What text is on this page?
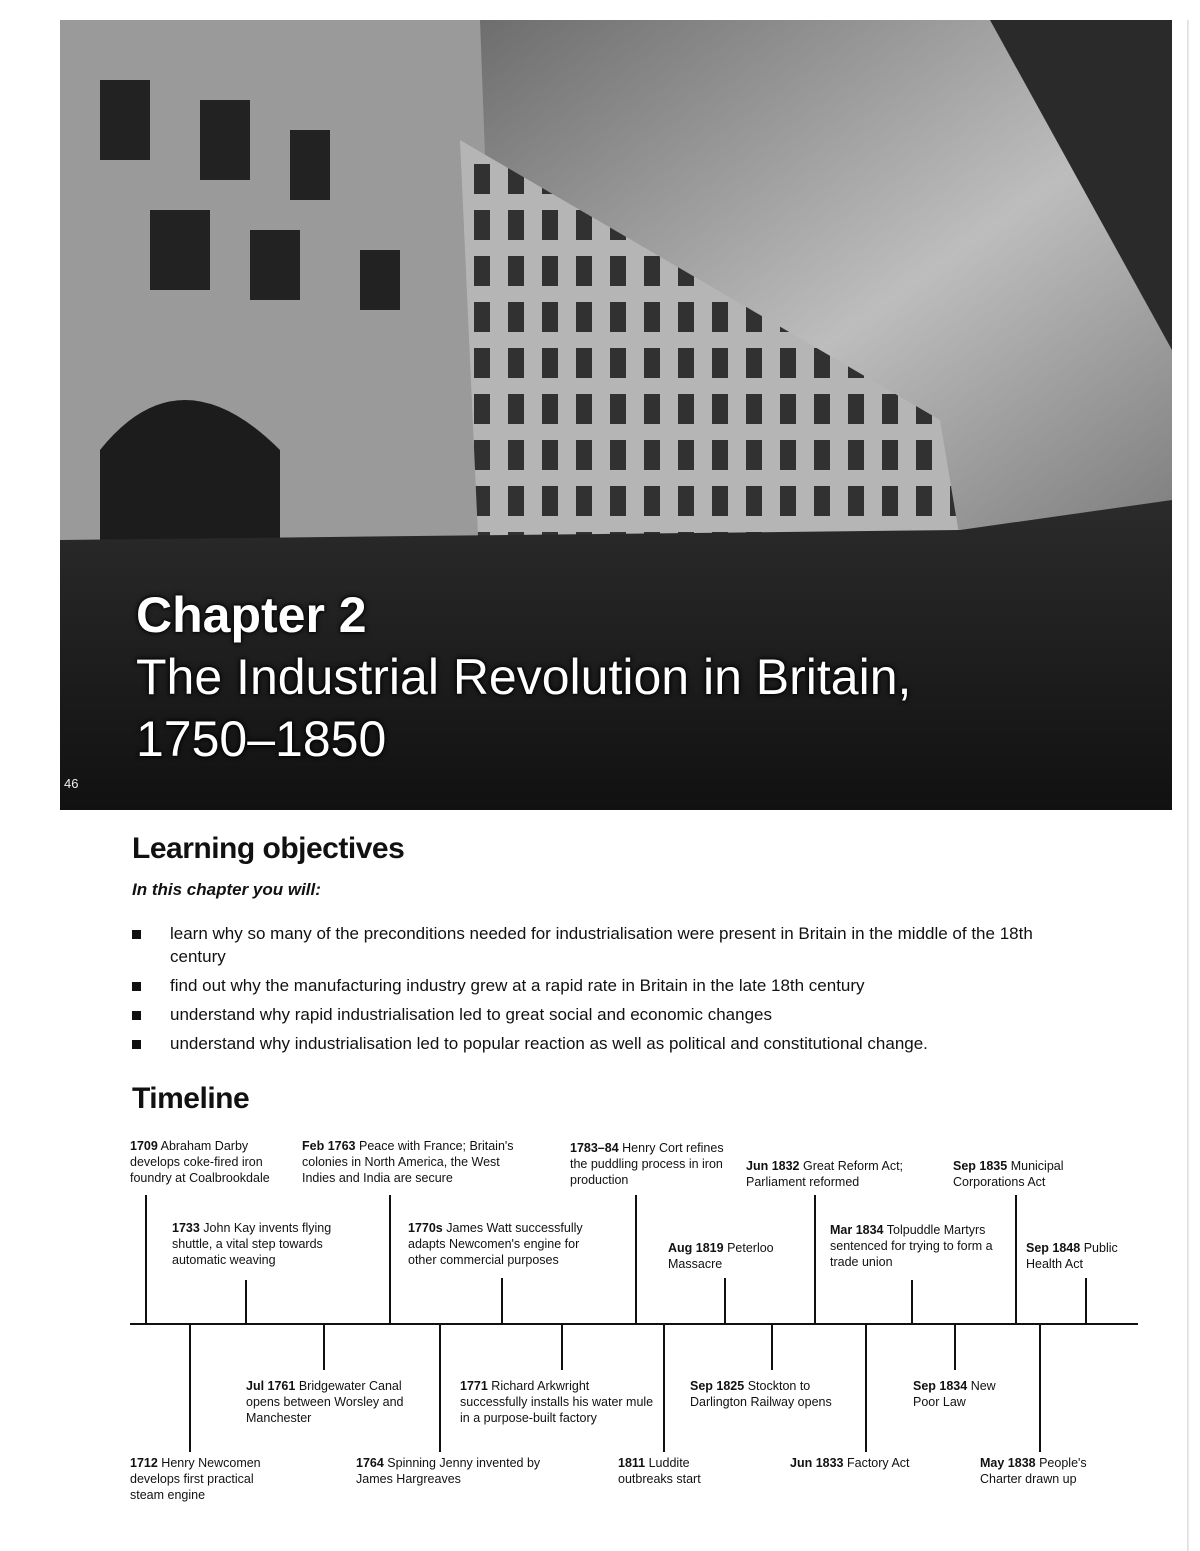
46
Chapter 2
The Industrial Revolution in Britain,
1750–1850
Learning objectives

In this chapter you will:

learn why so many of the preconditions needed for industrialisation were present in Britain in the middle of the 18th century
find out why the manufacturing industry grew at a rapid rate in Britain in the late 18th century
understand why rapid industrialisation led to great social and economic changes
understand why industrialisation led to popular reaction as well as political and constitutional change.
Timeline
1709 Abraham Darby develops coke-fired iron foundry at Coalbrookdale
Feb 1763 Peace with France; Britain's colonies in North America, the West Indies and India are secure
1783–84 Henry Cort refines the puddling process in iron production
Jun 1832 Great Reform Act; Parliament reformed
Sep 1835 Municipal Corporations Act
1733 John Kay invents flying shuttle, a vital step towards automatic weaving
1770s James Watt successfully adapts Newcomen's engine for other commercial purposes
Aug 1819 Peterloo Massacre
Mar 1834 Tolpuddle Martyrs sentenced for trying to form a trade union
Sep 1848 Public Health Act
Jul 1761 Bridgewater Canal opens between Worsley and Manchester
1771 Richard Arkwright successfully installs his water mule in a purpose-built factory
Sep 1825 Stockton to Darlington Railway opens
Sep 1834 New Poor Law
1712 Henry Newcomen develops first practical steam engine
1764 Spinning Jenny invented by James Hargreaves
1811 Luddite outbreaks start
Jun 1833 Factory Act	May 1838 People's Charter drawn up
